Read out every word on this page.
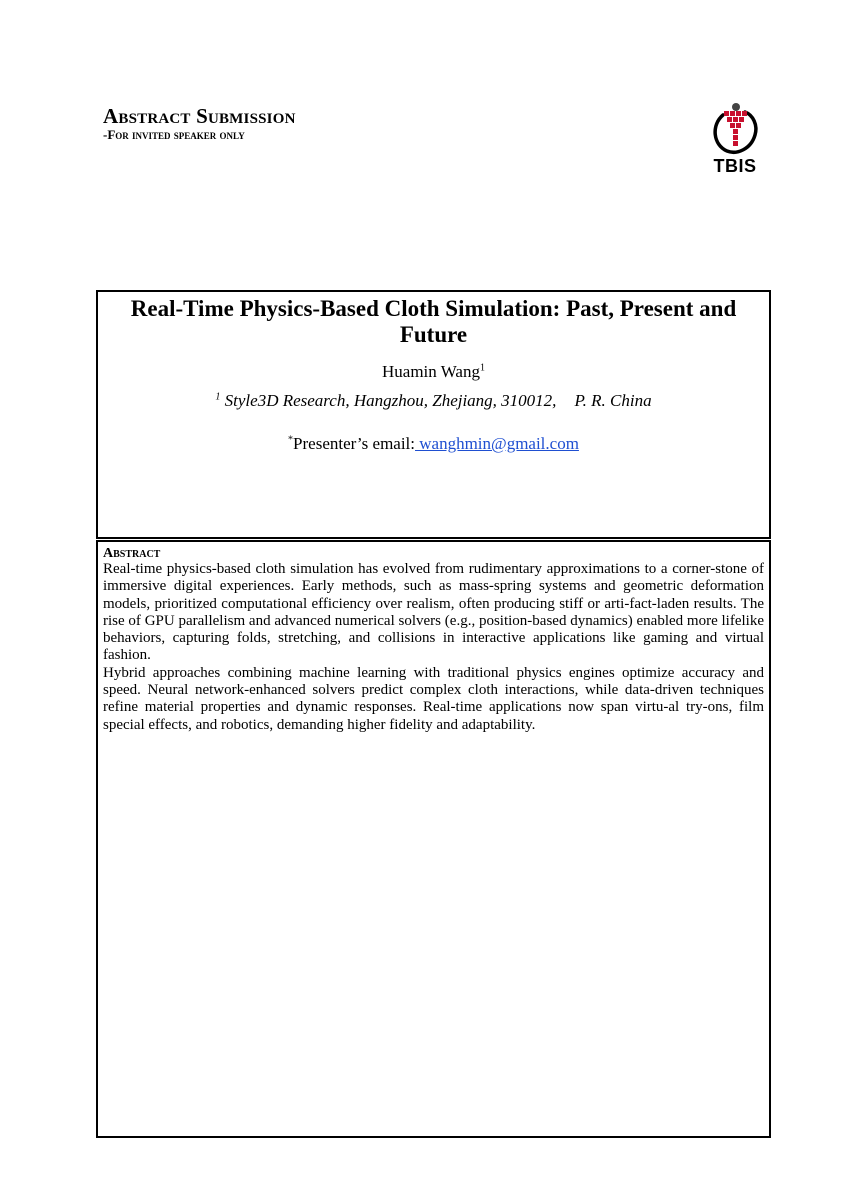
Abstract Submission
-For invited speaker only
TBIS
Real-Time Physics-Based Cloth Simulation: Past, Present and Future
Huamin Wang$^1$
$^1$ Style3D Research, Hangzhou, Zhejiang, 310012, P. R. China
*Presenter’s email: wanghmin@gmail.com
Abstract

Real-time physics-based cloth simulation has evolved from rudimentary approximations to a corner-stone of immersive digital experiences. Early methods, such as mass-spring systems and geometric deformation models, prioritized computational efficiency over realism, often producing stiff or arti-fact-laden results. The rise of GPU parallelism and advanced numerical solvers (e.g., position-based dynamics) enabled more lifelike behaviors, capturing folds, stretching, and collisions in interactive applications like gaming and virtual fashion.

Hybrid approaches combining machine learning with traditional physics engines optimize accuracy and speed. Neural network-enhanced solvers predict complex cloth interactions, while data-driven techniques refine material properties and dynamic responses. Real-time applications now span virtu-al try-ons, film special effects, and robotics, demanding higher fidelity and adaptability.
